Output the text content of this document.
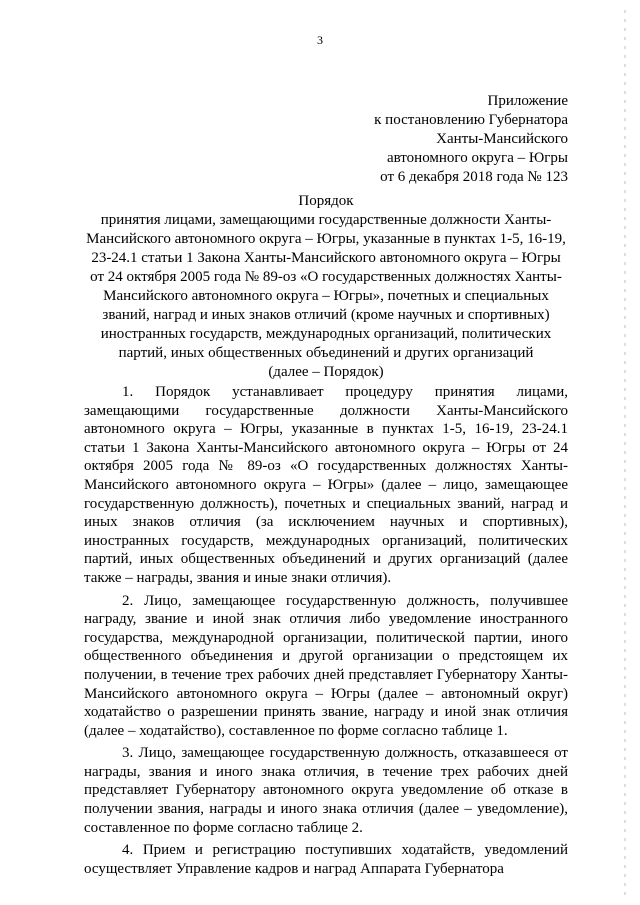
3
Приложение
к постановлению Губернатора
Ханты-Мансийского
автономного округа – Югры
от 6 декабря 2018 года № 123
Порядок
принятия лицами, замещающими государственные должности Ханты-
Мансийского автономного округа – Югры, указанные в пунктах 1-5, 16-19,
23-24.1 статьи 1 Закона Ханты-Мансийского автономного округа – Югры
от 24 октября 2005 года № 89-оз «О государственных должностях Ханты-
Мансийского автономного округа – Югры», почетных и специальных
званий, наград и иных знаков отличий (кроме научных и спортивных)
иностранных государств, международных организаций, политических
партий, иных общественных объединений и других организаций
(далее – Порядок)

1. Порядок устанавливает процедуру принятия лицами, замещающими государственные должности Ханты-Мансийского автономного округа – Югры, указанные в пунктах 1-5, 16-19, 23-24.1 статьи 1 Закона Ханты-Мансийского автономного округа – Югры от 24 октября 2005 года № 89-оз «О государственных должностях Ханты-Мансийского автономного округа – Югры» (далее – лицо, замещающее государственную должность), почетных и специальных званий, наград и иных знаков отличия (за исключением научных и спортивных), иностранных государств, международных организаций, политических партий, иных общественных объединений и других организаций (далее также – награды, звания и иные знаки отличия).

2. Лицо, замещающее государственную должность, получившее награду, звание и иной знак отличия либо уведомление иностранного государства, международной организации, политической партии, иного общественного объединения и другой организации о предстоящем их получении, в течение трех рабочих дней представляет Губернатору Ханты-Мансийского автономного округа – Югры (далее – автономный округ) ходатайство о разрешении принять звание, награду и иной знак отличия (далее – ходатайство), составленное по форме согласно таблице 1.

3. Лицо, замещающее государственную должность, отказавшееся от награды, звания и иного знака отличия, в течение трех рабочих дней представляет Губернатору автономного округа уведомление об отказе в получении звания, награды и иного знака отличия (далее – уведомление), составленное по форме согласно таблице 2.

4. Прием и регистрацию поступивших ходатайств, уведомлений осуществляет Управление кадров и наград Аппарата Губернатора
